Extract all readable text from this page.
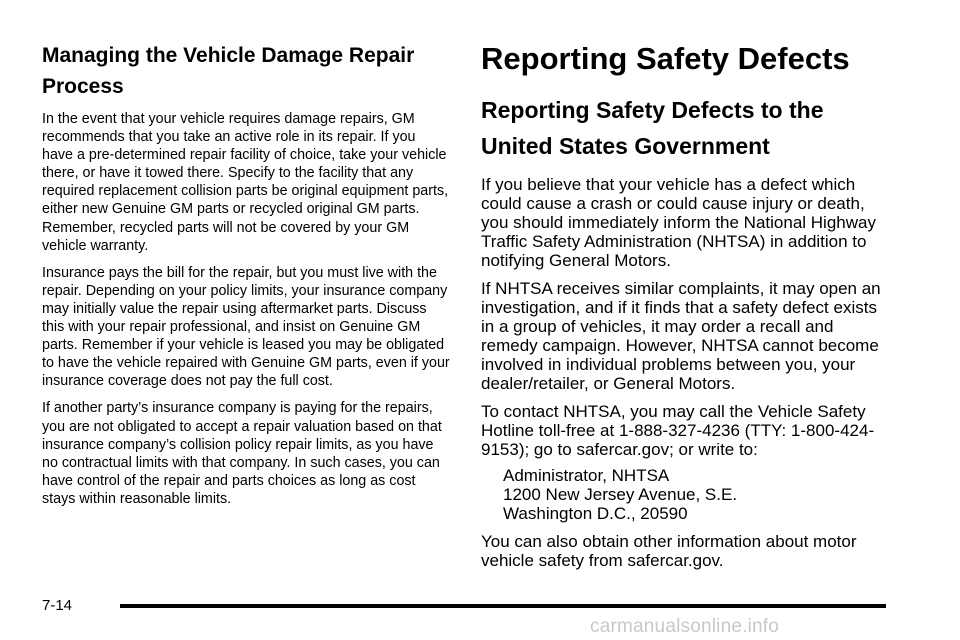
Managing the Vehicle Damage Repair Process

In the event that your vehicle requires damage repairs, GM recommends that you take an active role in its repair. If you have a pre-determined repair facility of choice, take your vehicle there, or have it towed there. Specify to the facility that any required replacement collision parts be original equipment parts, either new Genuine GM parts or recycled original GM parts. Remember, recycled parts will not be covered by your GM vehicle warranty.

Insurance pays the bill for the repair, but you must live with the repair. Depending on your policy limits, your insurance company may initially value the repair using aftermarket parts. Discuss this with your repair professional, and insist on Genuine GM parts. Remember if your vehicle is leased you may be obligated to have the vehicle repaired with Genuine GM parts, even if your insurance coverage does not pay the full cost.

If another party’s insurance company is paying for the repairs, you are not obligated to accept a repair valuation based on that insurance company’s collision policy repair limits, as you have no contractual limits with that company. In such cases, you can have control of the repair and parts choices as long as cost stays within reasonable limits.

Reporting Safety Defects
Reporting Safety Defects to the United States Government

If you believe that your vehicle has a defect which could cause a crash or could cause injury or death, you should immediately inform the National Highway Traffic Safety Administration (NHTSA) in addition to notifying General Motors.

If NHTSA receives similar complaints, it may open an investigation, and if it finds that a safety defect exists in a group of vehicles, it may order a recall and remedy campaign. However, NHTSA cannot become involved in individual problems between you, your dealer/retailer, or General Motors.

To contact NHTSA, you may call the Vehicle Safety Hotline toll-free at 1-888-327-4236 (TTY: 1-800-424-9153); go to safercar.gov; or write to:

Administrator, NHTSA
1200 New Jersey Avenue, S.E.
Washington D.C., 20590

You can also obtain other information about motor vehicle safety from safercar.gov.

7-14
carmanualsonline.info
